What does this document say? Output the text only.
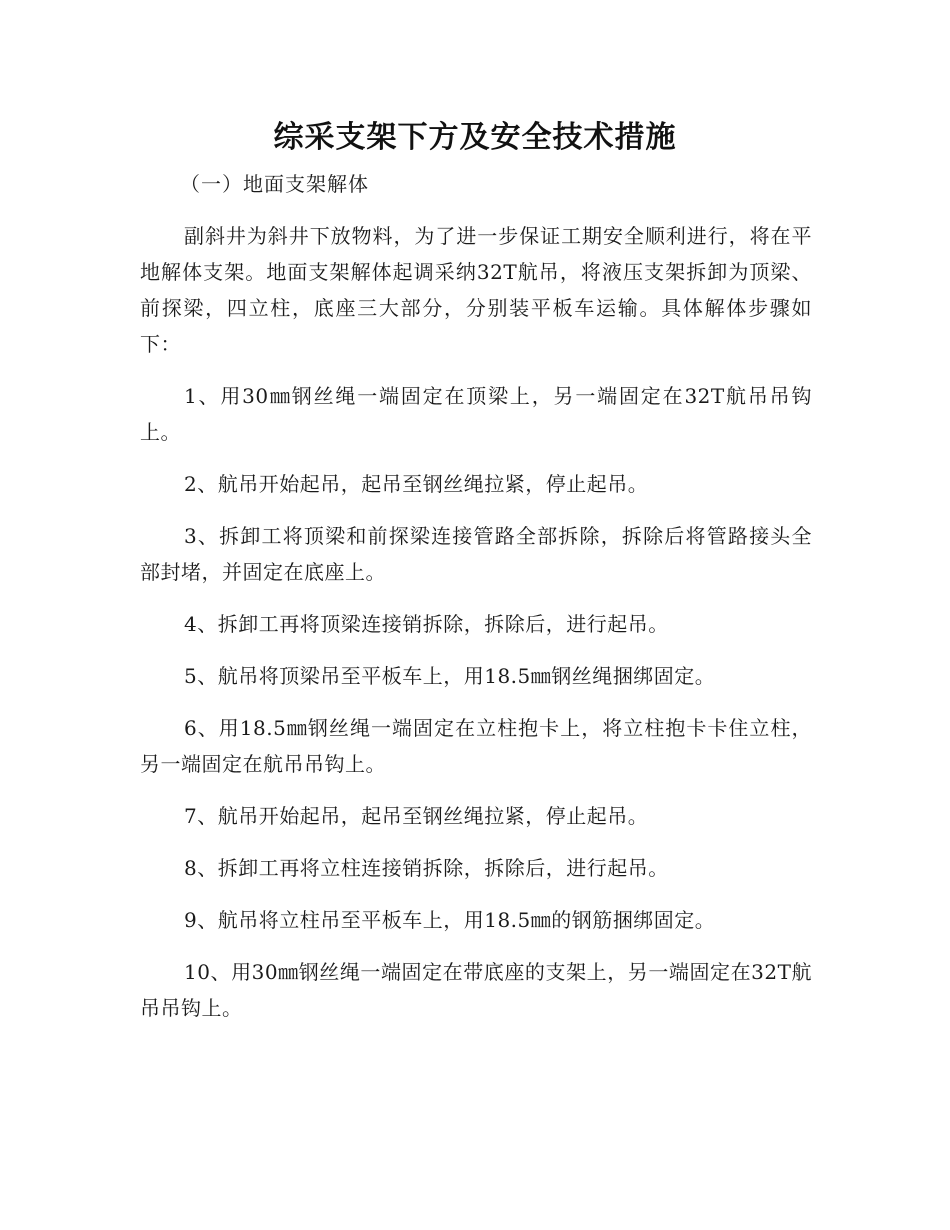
综采支架下方及安全技术措施

（一）地面支架解体

副斜井为斜井下放物料，为了进一步保证工期安全顺利进行，将在平地解体支架。地面支架解体起调采纳32T航吊，将液压支架拆卸为顶梁、前探梁，四立柱，底座三大部分，分别装平板车运输。具体解体步骤如下：

1、用30㎜钢丝绳一端固定在顶梁上，另一端固定在32T航吊吊钩上。

2、航吊开始起吊，起吊至钢丝绳拉紧，停止起吊。

3、拆卸工将顶梁和前探梁连接管路全部拆除，拆除后将管路接头全部封堵，并固定在底座上。

4、拆卸工再将顶梁连接销拆除，拆除后，进行起吊。

5、航吊将顶梁吊至平板车上，用18.5㎜钢丝绳捆绑固定。

6、用18.5㎜钢丝绳一端固定在立柱抱卡上，将立柱抱卡卡住立柱，另一端固定在航吊吊钩上。

7、航吊开始起吊，起吊至钢丝绳拉紧，停止起吊。

8、拆卸工再将立柱连接销拆除，拆除后，进行起吊。

9、航吊将立柱吊至平板车上，用18.5㎜的钢筋捆绑固定。

10、用30㎜钢丝绳一端固定在带底座的支架上，另一端固定在32T航吊吊钩上。
